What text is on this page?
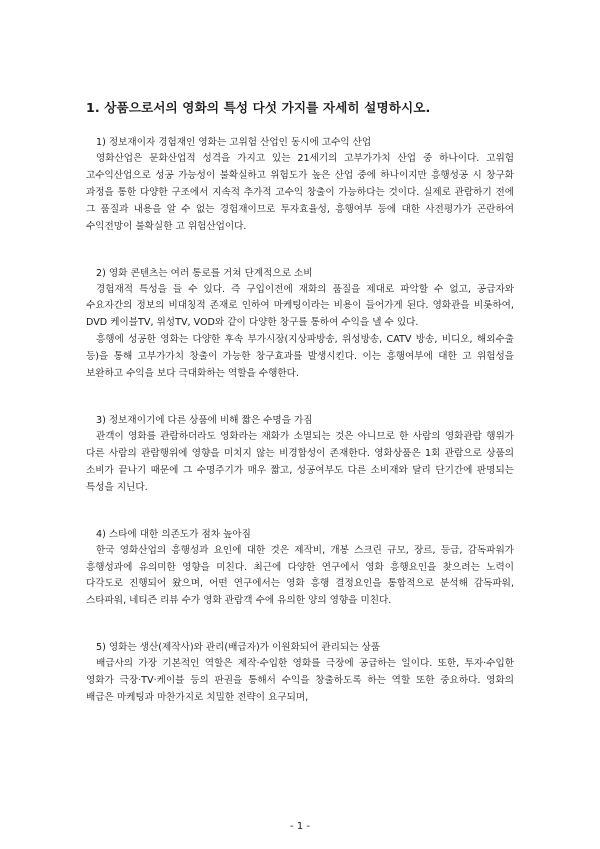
1. 상품으로서의 영화의 특성 다섯 가지를 자세히 설명하시오.

1) 정보재이자 경험재인 영화는 고위험 산업인 동시에 고수익 산업

영화산업은 문화산업적 성격을 가지고 있는 21세기의 고부가가치 산업 중 하나이다. 고위험 고수익산업으로 성공 가능성이 불확실하고 위험도가 높은 산업 중에 하나이지만 흥행성공 시 창구화 과정을 통한 다양한 구조에서 지속적 추가적 고수익 창출이 가능하다는 것이다. 실제로 관람하기 전에 그 품질과 내용을 알 수 없는 경험재이므로 투자효율성, 흥행여부 등에 대한 사전평가가 곤란하여 수익전망이 불확실한 고 위험산업이다.

2) 영화 콘텐츠는 여러 통로를 거쳐 단계적으로 소비

경험재적 특성을 들 수 있다. 즉 구입이전에 재화의 품질을 제대로 파악할 수 없고, 공급자와 수요자간의 정보의 비대칭적 존재로 인하여 마케팅이라는 비용이 들어가게 된다. 영화관을 비롯하여, DVD 케이블TV, 위성TV, VOD와 같이 다양한 창구를 통하여 수익을 낼 수 있다.

흥행에 성공한 영화는 다양한 후속 부가시장(지상파방송, 위성방송, CATV 방송, 비디오, 해외수출 등)을 통해 고부가가치 창출이 가능한 창구효과를 발생시킨다. 이는 흥행여부에 대한 고 위험성을 보완하고 수익을 보다 극대화하는 역할을 수행한다.

3) 정보재이기에 다른 상품에 비해 짧은 수명을 가짐

관객이 영화를 관람하더라도 영화라는 재화가 소멸되는 것은 아니므로 한 사람의 영화관람 행위가 다른 사람의 관람행위에 영향을 미치지 않는 비경합성이 존재한다. 영화상품은 1회 관람으로 상품의 소비가 끝나기 때문에 그 수명주기가 매우 짧고, 성공여부도 다른 소비재와 달리 단기간에 판명되는 특성을 지닌다.

4) 스타에 대한 의존도가 점차 높아짐

한국 영화산업의 흥행성과 요인에 대한 것은 제작비, 개봉 스크린 규모, 장르, 등급, 감독파워가 흥행성과에 유의미한 영향을 미친다. 최근에 다양한 연구에서 영화 흥행요인을 찾으려는 노력이 다각도로 진행되어 왔으며, 어떤 연구에서는 영화 흥행 결정요인을 통합적으로 분석해 감독파워, 스타파워, 네티즌 리뷰 수가 영화 관람객 수에 유의한 양의 영향을 미친다.

5) 영화는 생산(제작사)와 관리(배급자)가 이원화되어 관리되는 상품

배급사의 가장 기본적인 역할은 제작·수입한 영화를 극장에 공급하는 일이다. 또한, 투자·수입한 영화가 극장·TV·케이블 등의 판권을 통해서 수익을 창출하도록 하는 역할 또한 중요하다. 영화의 배급은 마케팅과 마찬가지로 치밀한 전략이 요구되며,

- 1 -
